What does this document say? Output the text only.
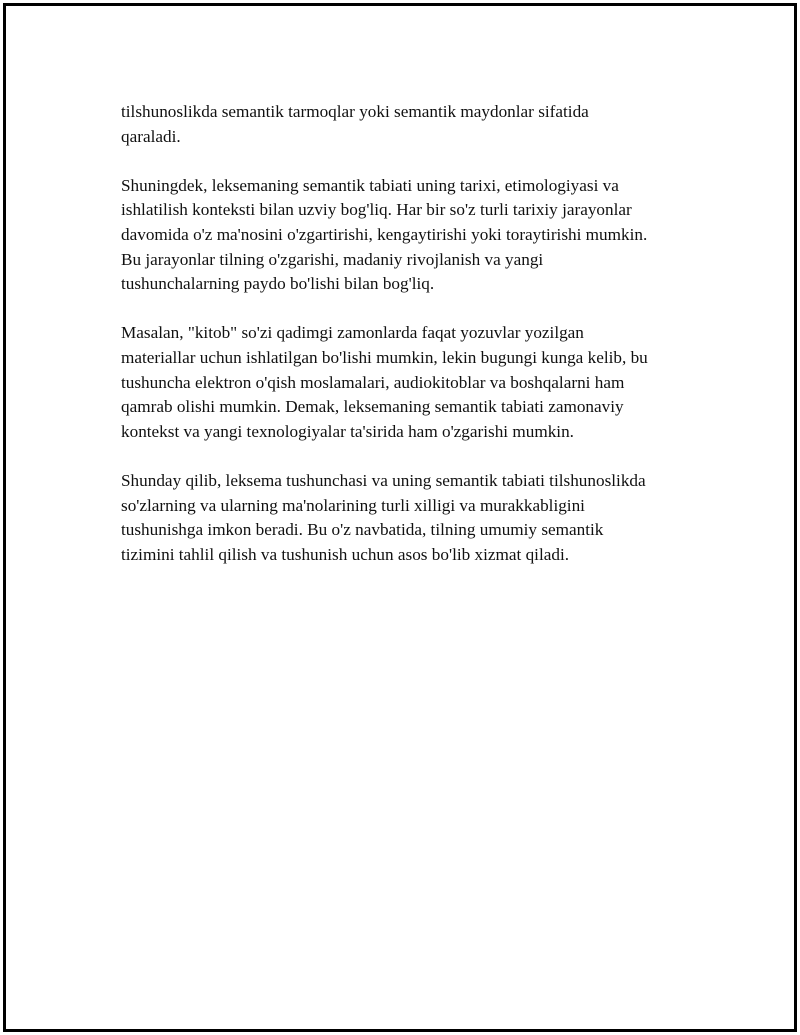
tilshunoslikda semantik tarmoqlar yoki semantik maydonlar sifatida
qaraladi.

Shuningdek, leksemaning semantik tabiati uning tarixi, etimologiyasi va
ishlatilish konteksti bilan uzviy bog'liq. Har bir so'z turli tarixiy jarayonlar
davomida o'z ma'nosini o'zgartirishi, kengaytirishi yoki toraytirishi mumkin.
Bu jarayonlar tilning o'zgarishi, madaniy rivojlanish va yangi
tushunchalarning paydo bo'lishi bilan bog'liq.

Masalan, "kitob" so'zi qadimgi zamonlarda faqat yozuvlar yozilgan
materiallar uchun ishlatilgan bo'lishi mumkin, lekin bugungi kunga kelib, bu
tushuncha elektron o'qish moslamalari, audiokitoblar va boshqalarni ham
qamrab olishi mumkin. Demak, leksemaning semantik tabiati zamonaviy
kontekst va yangi texnologiyalar ta'sirida ham o'zgarishi mumkin.

Shunday qilib, leksema tushunchasi va uning semantik tabiati tilshunoslikda
so'zlarning va ularning ma'nolarining turli xilligi va murakkabligini
tushunishga imkon beradi. Bu o'z navbatida, tilning umumiy semantik
tizimini tahlil qilish va tushunish uchun asos bo'lib xizmat qiladi.
